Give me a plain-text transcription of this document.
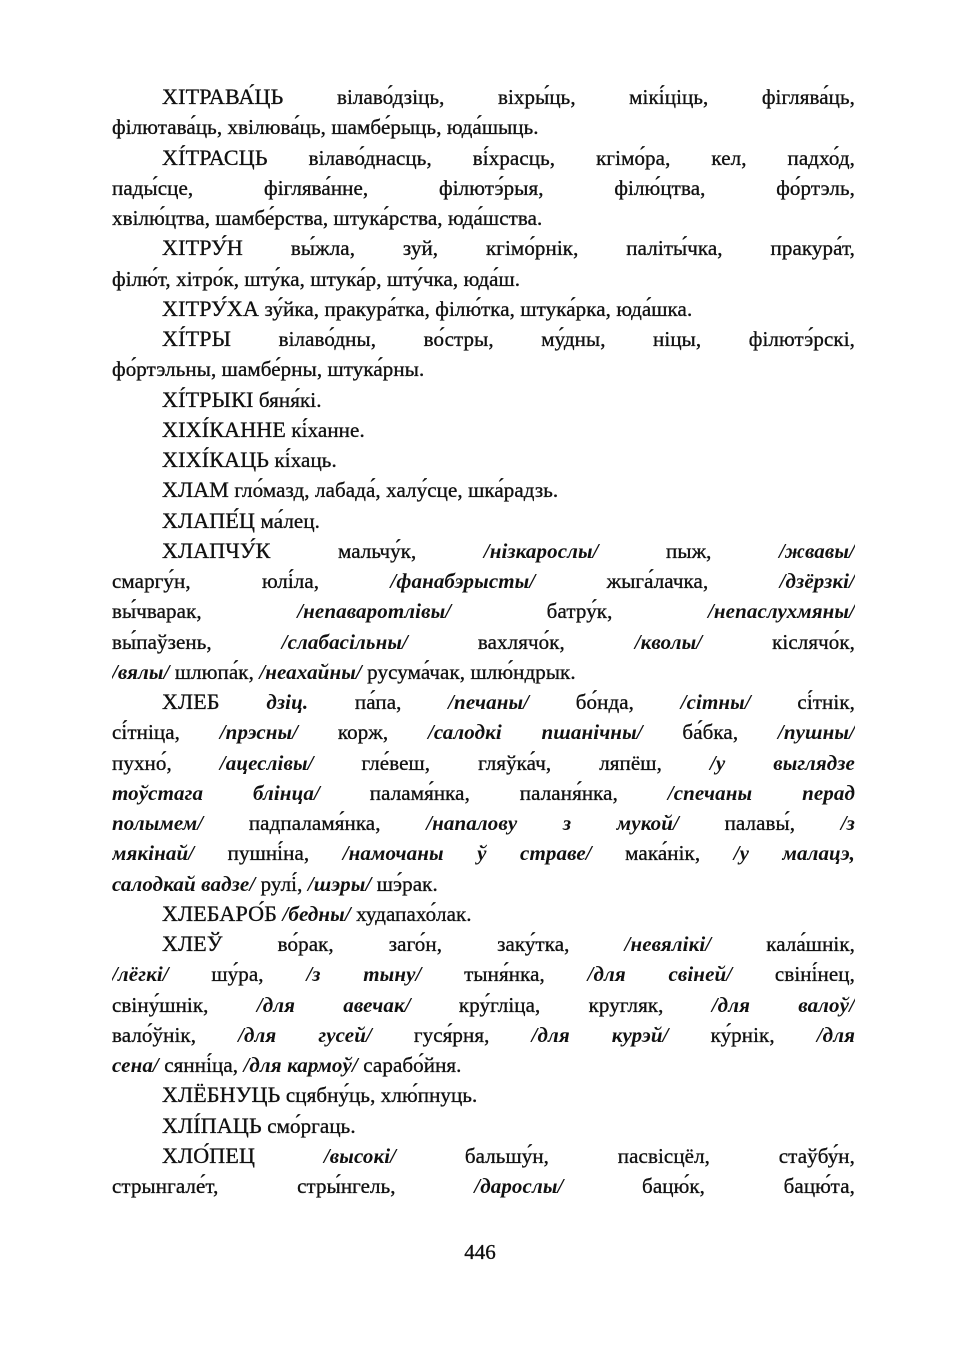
ХІТРАВА́ЦЬ вілаво́дзіць, віхры́ць, мікі́ціць, фіглява́ць,
філютава́ць, хвілюва́ць, шамбе́рыць, юда́шыць.
ХІ́ТРАСЦЬ вілаво́днасць, ві́храсць, кгімо́ра, кел, падхо́д,
пады́сце, фіглява́нне, філютэ́рыя, філю́цтва, фо́ртэль,
хвілю́цтва, шамбе́рства, штука́рства, юда́шства.
ХІТРУ́Н вы́жла, зуй, кгімо́рнік, паліты́чка, пракура́т,
філю́т, хітро́к, шту́ка, штука́р, шту́чка, юда́ш.
ХІТРУ́ХА зу́йка, пракура́тка, філю́тка, штука́рка, юда́шка.
ХІ́ТРЫ вілаво́дны, во́стры, му́дны, ніцы, філютэ́рскі,
фо́ртэльны, шамбе́рны, штука́рны.
ХІ́ТРЫКІ бяня́кі.
ХІХІ́КАННЕ кі́ханне.
ХІХІ́КАЦЬ кі́хаць.
ХЛАМ гло́мазд, лабада́, халу́сце, шка́радзь.
ХЛАПЕ́Ц ма́лец.
ХЛАПЧУ́К мальчу́к, /нізкарослы/ пыж, /жвавы/
смаргу́н, юлі́ла, /фанабэрысты/ жыга́лачка, /дзёрзкі/
вы́чварак, /непаваротлівы/ батру́к, /непаслухмяны/
вы́паўзень, /слабасільны/ вахлячо́к, /кволы/ кіслячо́к,
/вялы/ шлюпа́к, /неахайны/ русума́чак, шлю́ндрык.
ХЛЕБ дзіц. па́па, /печаны/ бо́нда, /сітны/ сі́тнік,
сі́тніца, /прэсны/ корж, /салодкі пшанічны/ ба́бка, /пушны/
пухно́, /ацеслівы/ гле́веш, гляўка́ч, ляпёш, /у выглядзе
тоўстага блінца/ паламя́нка, паланя́нка, /спечаны перад
полымем/ падпаламя́нка, /напалову з мукой/ палавы́, /з
мякінай/ пушні́на, /намочаны ў страве/ мака́нік, /у малацэ,
салодкай вадзе/ рулі́, /шэры/ шэ́рак.
ХЛЕБАРО́Б /бедны/ худапахо́лак.
ХЛЕЎ во́рак, заго́н, заку́тка, /невялікі/ кала́шнік,
/лёгкі/ шу́ра, /з тыну/ тыня́нка, /для свіней/ свіні́нец,
свіну́шнік, /для авечак/ кру́гліца, кругляк, /для валоў/
вало́ўнік, /для гусей/ гуся́рня, /для курэй/ ку́рнік, /для
сена/ сянні́ца, /для кармоў/ сарабо́йня.
ХЛЁБНУЦЬ сцябну́ць, хлю́пнуць.
ХЛІ́ПАЦЬ смо́ргаць.
ХЛО́ПЕЦ	/высокі/ бальшу́н, пасвісцёл, стаўбу́н,
стрынгале́т, стры́нгель, /дарослы/ бацю́к, бацю́та,
446
